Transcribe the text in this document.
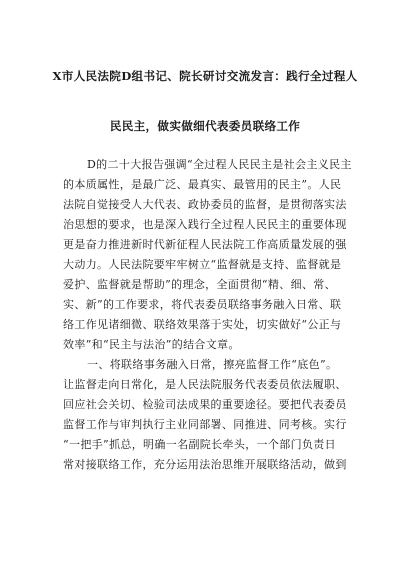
X市人民法院D组书记、院长研讨交流发言：践行全过程人
民民主，做实做细代表委员联络工作
D的二十大报告强调“全过程人民民主是社会主义民主
的本质属性，是最广泛、最真实、最管用的民主”。人民
法院自觉接受人大代表、政协委员的监督，是贯彻落实法
治思想的要求，也是深入践行全过程人民民主的重要体现
更是奋力推进新时代新征程人民法院工作高质量发展的强
大动力。人民法院要牢牢树立“监督就是支持、监督就是
爱护、监督就是帮助”的理念，全面贯彻“精、细、常、
实、新”的工作要求，将代表委员联络事务融入日常、联
络工作见诸细微、联络效果落于实处，切实做好“公正与
效率”和“民主与法治”的结合文章。
一、将联络事务融入日常，擦亮监督工作“底色”。
让监督走向日常化，是人民法院服务代表委员依法履职、
回应社会关切、检验司法成果的重要途径。要把代表委员
监督工作与审判执行主业同部署、同推进、同考核。实行
“一把手”抓总，明确一名副院长牵头，一个部门负责日
常对接联络工作，充分运用法治思维开展联络活动，做到
